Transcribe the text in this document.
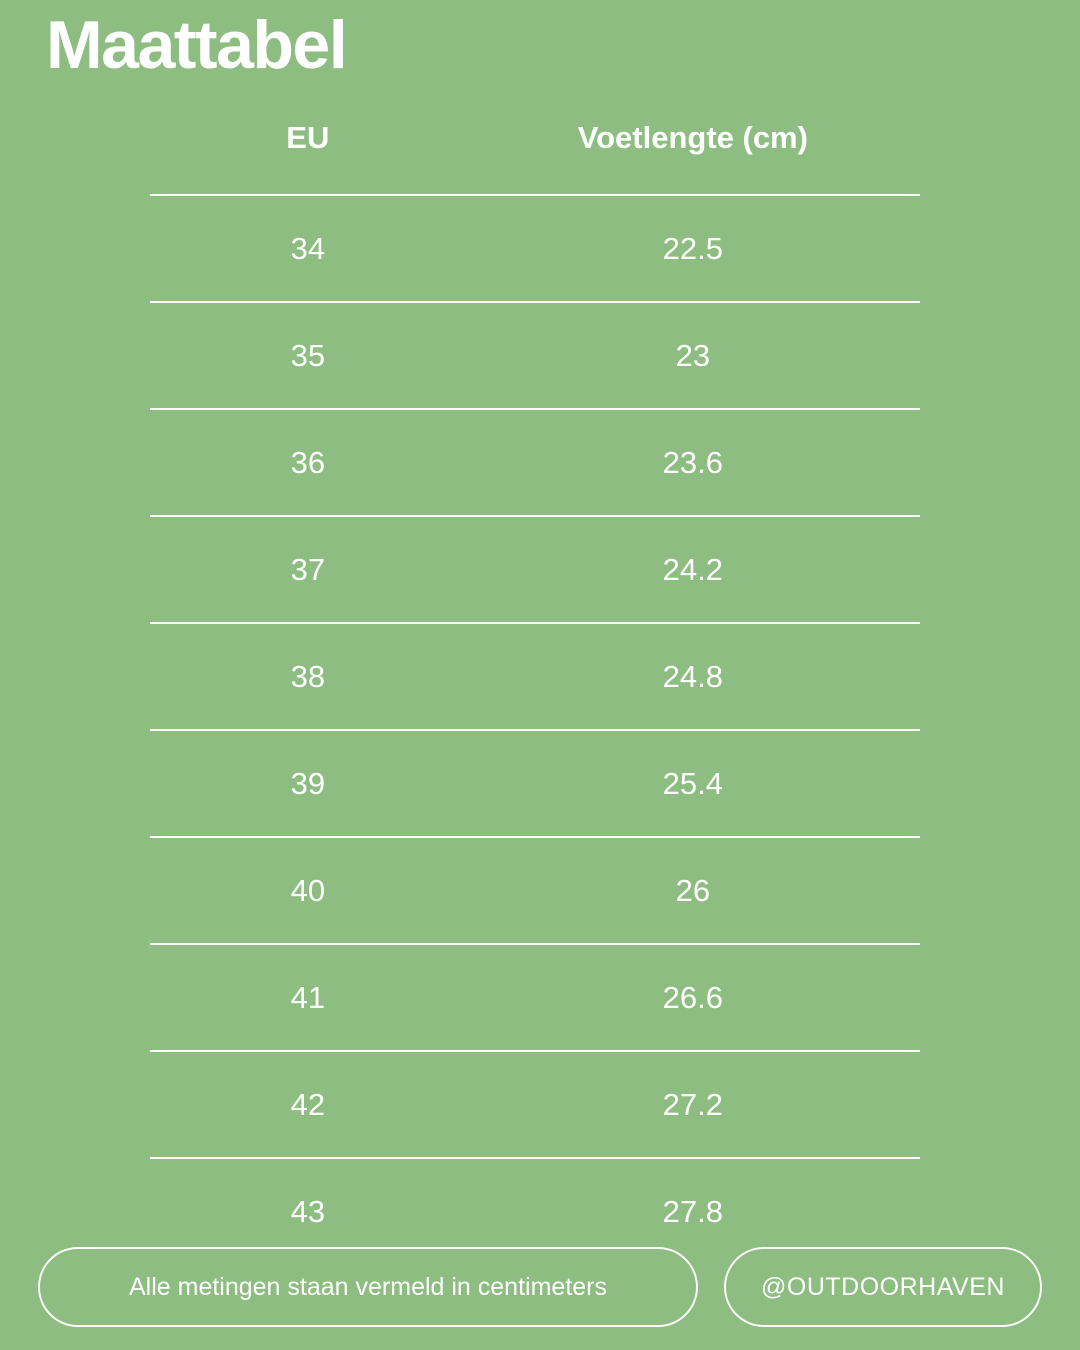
Maattabel
EU	Voetlengte (cm)
34	22.5
35	23
36	23.6
37	24.2
38	24.8
39	25.4
40	26
41	26.6
42	27.2
43	27.8
Alle metingen staan vermeld in centimeters	@OUTDOORHAVEN
